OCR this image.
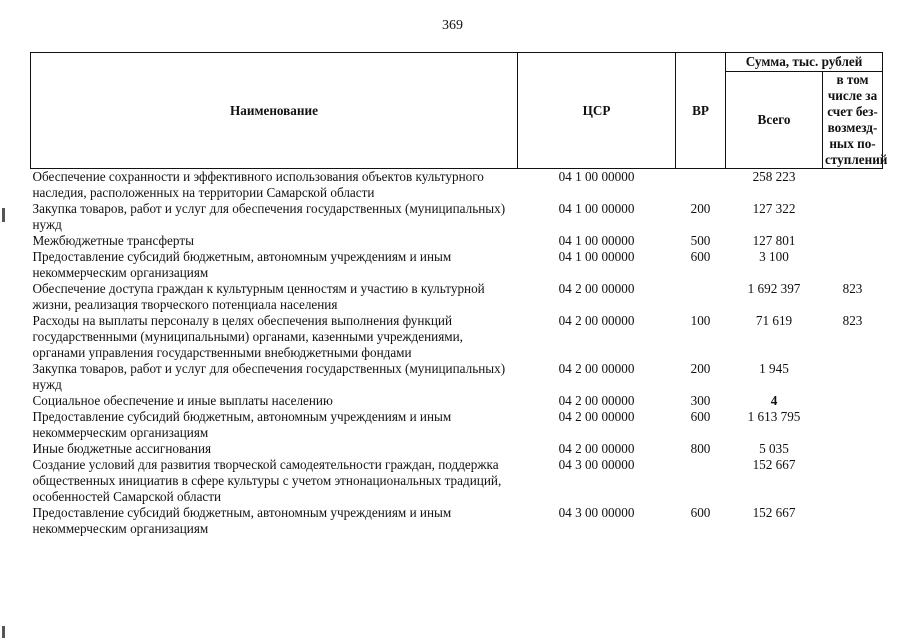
369
Наименование	ЦСР	ВР	Сумма, тыс. рублей	
			Всего	в том числе за счет без-возмезд-ных по-ступлений
Обеспечение сохранности и эффективного использования объектов культурного наследия, расположенных на территории Самарской области	04 1 00 00000		258 223	
Закупка товаров, работ и услуг для обеспечения государственных (муниципальных) нужд	04 1 00 00000	200	127 322	
Межбюджетные трансферты	04 1 00 00000	500	127 801	
Предоставление субсидий бюджетным, автономным учреждениям и иным некоммерческим организациям	04 1 00 00000	600	3 100	
Обеспечение доступа граждан к культурным ценностям и участию в культурной жизни, реализация творческого потенциала населения	04 2 00 00000		1 692 397	823
Расходы на выплаты персоналу в целях обеспечения выполнения функций государственными (муниципальными) органами, казенными учреждениями, органами управления государственными внебюджетными фондами	04 2 00 00000	100	71 619	823
Закупка товаров, работ и услуг для обеспечения государственных (муниципальных) нужд	04 2 00 00000	200	1 945	
Социальное обеспечение и иные выплаты населению	04 2 00 00000	300	4	
Предоставление субсидий бюджетным, автономным учреждениям и иным некоммерческим организациям	04 2 00 00000	600	1 613 795	
Иные бюджетные ассигнования	04 2 00 00000	800	5 035	
Создание условий для развития творческой самодеятельности граждан, поддержка общественных инициатив в сфере культуры с учетом этнонациональных традиций, особенностей Самарской области	04 3 00 00000		152 667	
Предоставление субсидий бюджетным, автономным учреждениям и иным некоммерческим организациям	04 3 00 00000	600	152 667	
